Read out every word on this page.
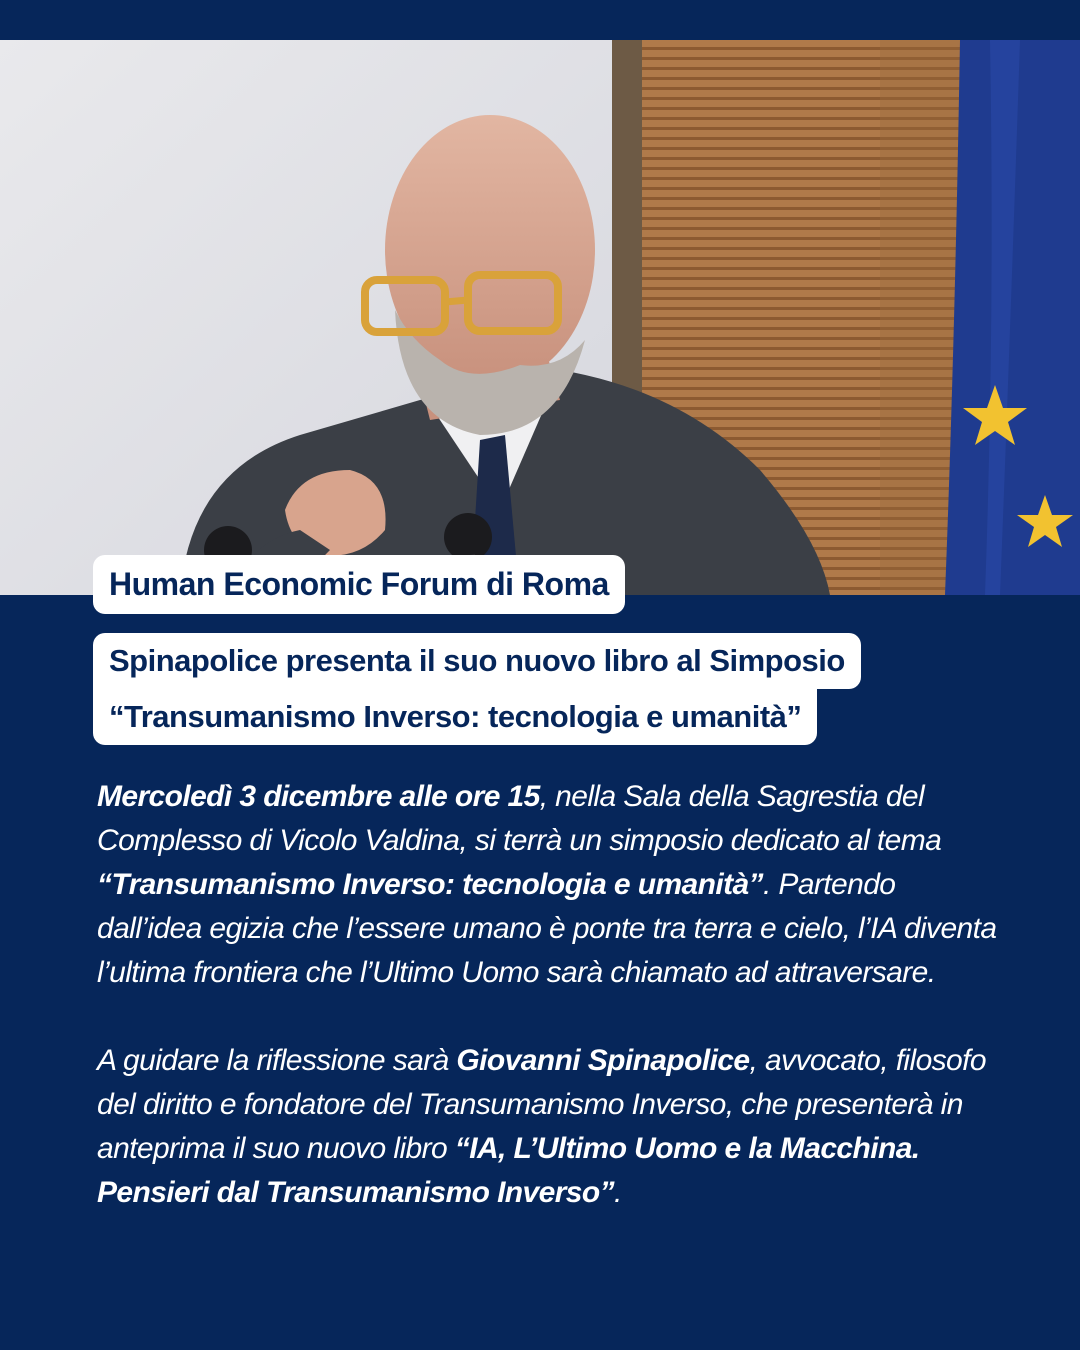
Human Economic Forum di Roma
Spinapolice presenta il suo nuovo libro al Simposio
“Transumanismo Inverso: tecnologia e umanità”

Mercoledì 3 dicembre alle ore 15, nella Sala della Sagrestia del Complesso di Vicolo Valdina, si terrà un simposio dedicato al tema “Transumanismo Inverso: tecnologia e umanità”. Partendo dall’idea egizia che l’essere umano è ponte tra terra e cielo, l’IA diventa l’ultima frontiera che l’Ultimo Uomo sarà chiamato ad attraversare.

A guidare la riflessione sarà Giovanni Spinapolice, avvocato, filosofo del diritto e fondatore del Transumanismo Inverso, che presenterà in anteprima il suo nuovo libro “IA, L’Ultimo Uomo e la Macchina. Pensieri dal Transumanismo Inverso”.
